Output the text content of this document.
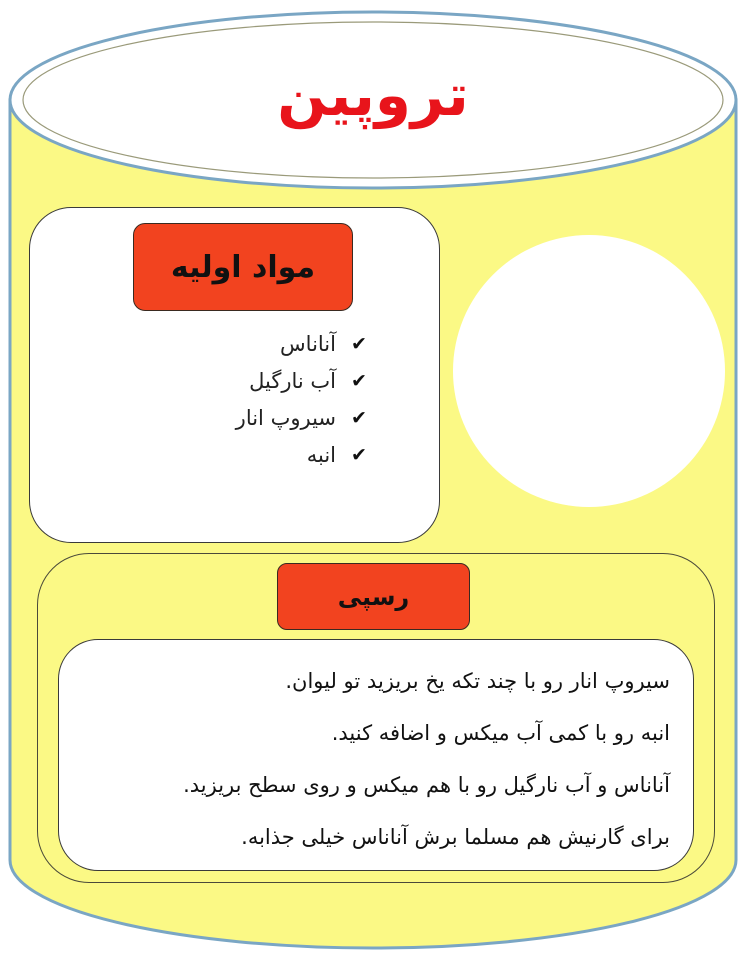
تروپین
مواد اولیه
✔
آناناس
✔
آب نارگیل
✔
سیروپ انار
✔
انبه
رسپی
سیروپ انار رو با چند تکه یخ بریزید تو لیوان.
انبه رو با کمی آب میکس و اضافه کنید.
آناناس و آب نارگیل رو با هم میکس و روی سطح بریزید.
برای گارنیش هم مسلما برش آناناس خیلی جذابه.
